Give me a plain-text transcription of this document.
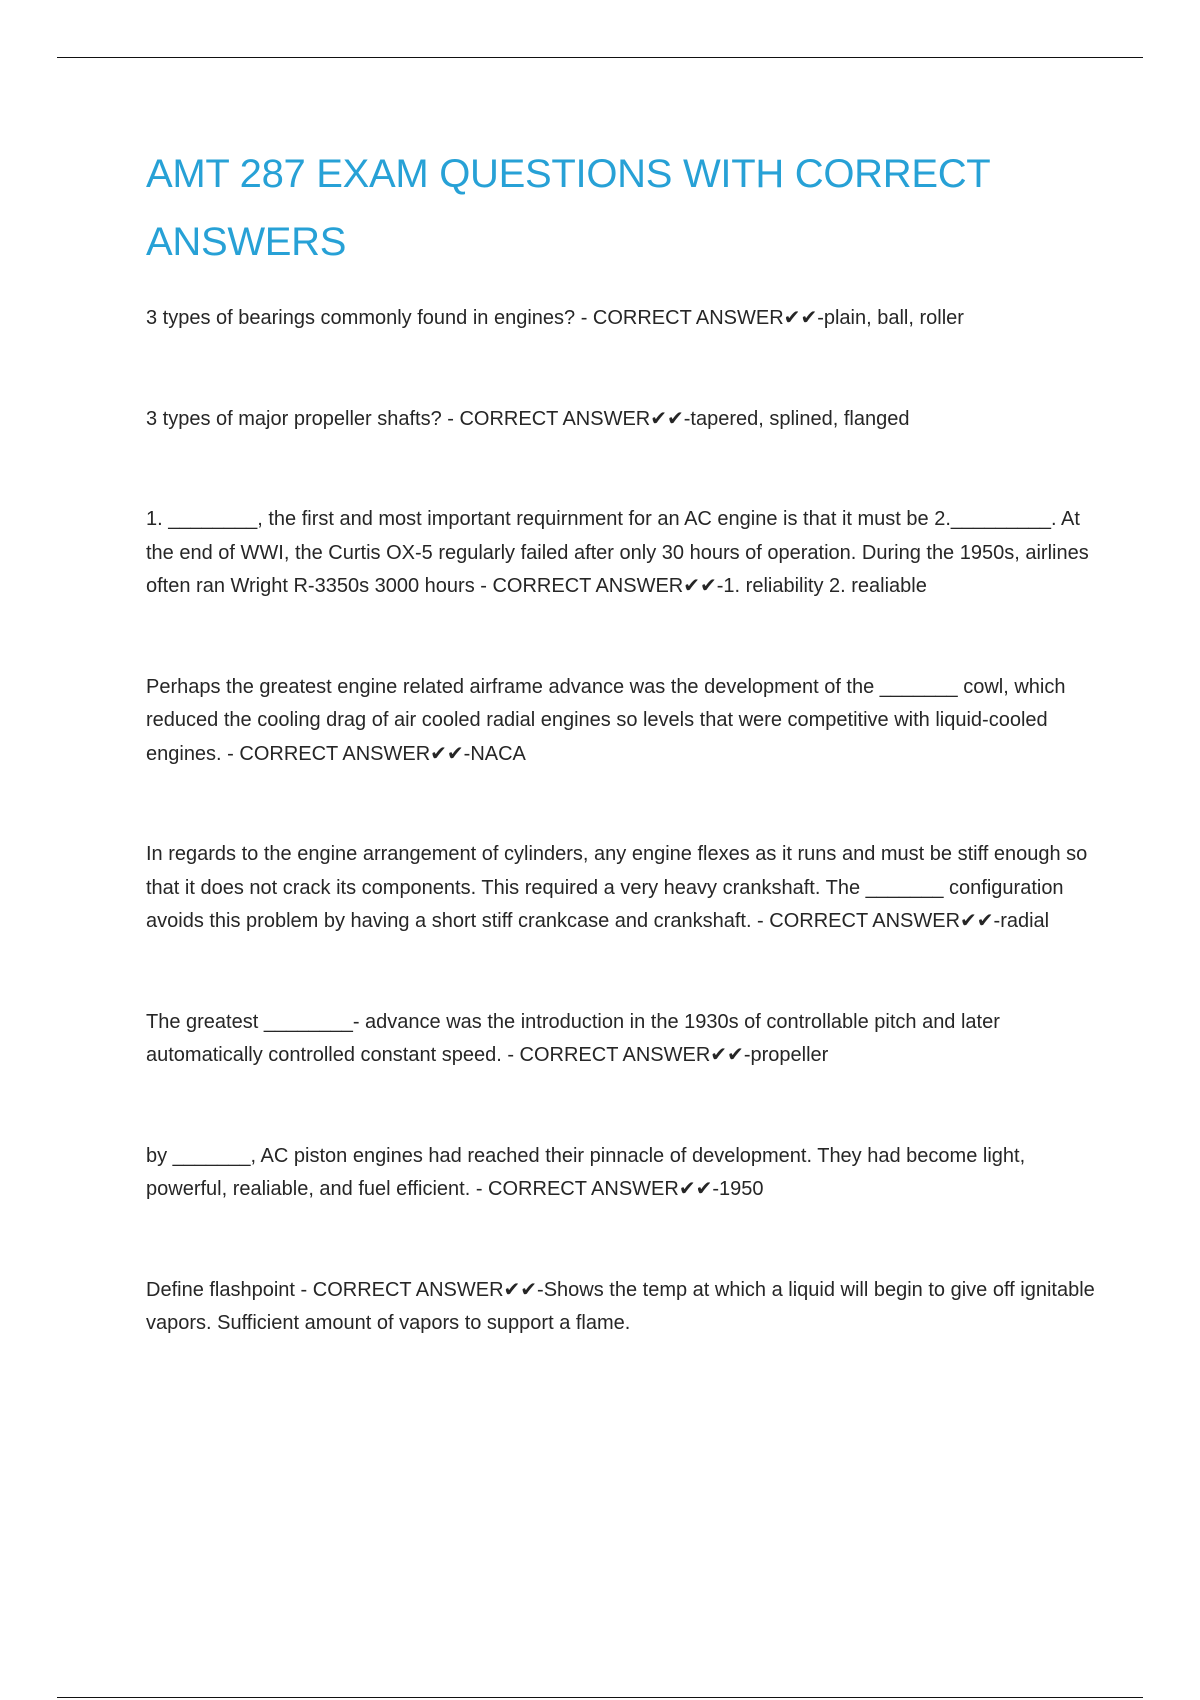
AMT 287 EXAM QUESTIONS WITH CORRECT ANSWERS

3 types of bearings commonly found in engines? - CORRECT ANSWER✔✔-plain, ball, roller

3 types of major propeller shafts? - CORRECT ANSWER✔✔-tapered, splined, flanged

1. ________, the first and most important requirnment for an AC engine is that it must be 2._________. At the end of WWI, the Curtis OX-5 regularly failed after only 30 hours of operation. During the 1950s, airlines often ran Wright R-3350s 3000 hours - CORRECT ANSWER✔✔-1. reliability 2. realiable

Perhaps the greatest engine related airframe advance was the development of the _______ cowl, which reduced the cooling drag of air cooled radial engines so levels that were competitive with liquid-cooled engines. - CORRECT ANSWER✔✔-NACA

In regards to the engine arrangement of cylinders, any engine flexes as it runs and must be stiff enough so that it does not crack its components. This required a very heavy crankshaft. The _______ configuration avoids this problem by having a short stiff crankcase and crankshaft. - CORRECT ANSWER✔✔-radial

The greatest ________- advance was the introduction in the 1930s of controllable pitch and later automatically controlled constant speed. - CORRECT ANSWER✔✔-propeller

by _______, AC piston engines had reached their pinnacle of development. They had become light, powerful, realiable, and fuel efficient. - CORRECT ANSWER✔✔-1950

Define flashpoint - CORRECT ANSWER✔✔-Shows the temp at which a liquid will begin to give off ignitable vapors. Sufficient amount of vapors to support a flame.
